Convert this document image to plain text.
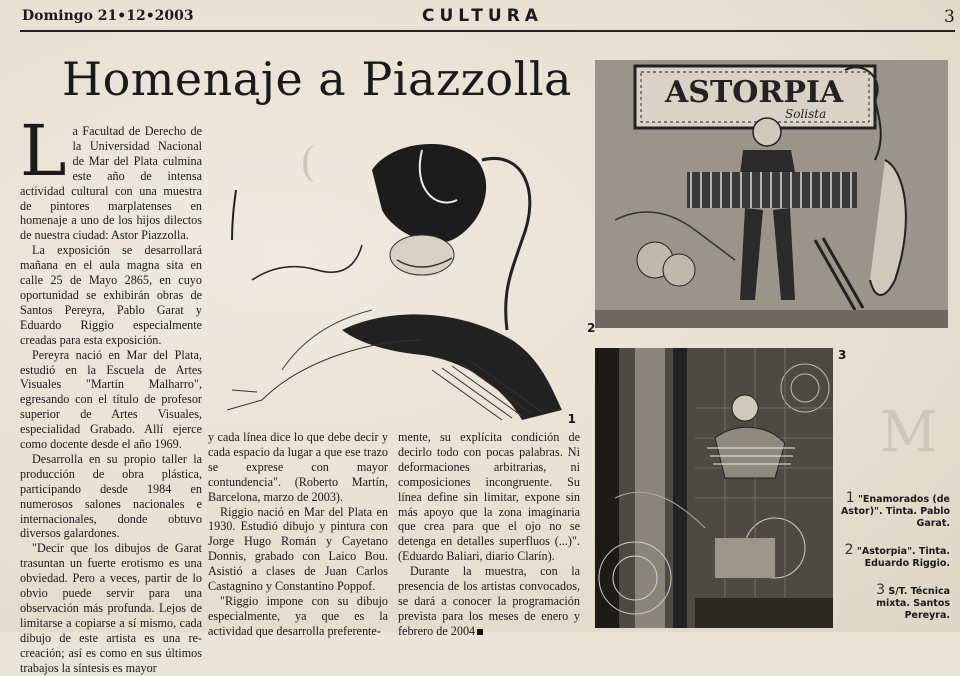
(
M
Domingo 21•12•2003	CULTURA	3
Homenaje a Piazzolla
L a Facultad de Derecho de la Universidad Nacional de Mar del Plata culmina este año de intensa actividad cultural con una muestra de pintores marplatenses en homenaje a uno de los hijos dilectos de nuestra ciudad: Astor Piazzolla.

La exposición se desarrollará mañana en el aula magna sita en calle 25 de Mayo 2865, en cuyo oportunidad se exhibirán obras de Santos Pereyra, Pablo Garat y Eduardo Riggio especialmente creadas para esta exposición.

Pereyra nació en Mar del Plata, estudió en la Escuela de Artes Visuales "Martín Malharro", egresando con el título de profesor superior de Artes Visuales, especialidad Grabado. Allí ejerce como docente desde el año 1969.

Desarrolla en su propio taller la producción de obra plástica, participando desde 1984 en numerosos salones nacionales e internacionales, donde obtuvo diversos galardones.

"Decir que los dibujos de Garat trasuntan un fuerte erotismo es una obviedad. Pero a veces, partir de lo obvio puede servir para una observación más profunda. Lejos de limitarse a copiarse a sí mismo, cada dibujo de este artista es una re-creación; así es como en sus últimos trabajos la síntesis es mayor

1

y cada línea dice lo que debe decir y cada espacio da lugar a que ese trazo se exprese con mayor contundencia". (Roberto Martín, Barcelona, marzo de 2003).

Riggio nació en Mar del Plata en 1930. Estudió dibujo y pintura con Jorge Hugo Román y Cayetano Donnis, grabado con Laico Bou. Asistió a clases de Juan Carlos Castagnino y Constantino Poppof.

"Riggio impone con su dibujo especialmente, ya que es la actividad que desarrolla preferente-

mente, su explícita condición de decirlo todo con pocas palabras. Ni deformaciones arbitrarias, ni composiciones incongruente. Su línea define sin limitar, expone sin más apoyo que la zona imaginaria que crea para que el ojo no se detenga en detalles superfluos (...)". (Eduardo Baliari, diario Clarín).

Durante la muestra, con la presencia de los artistas convocados, se dará a conocer la programación prevista para los meses de enero y febrero de 2004

ASTORPIA
Solista
2
3
1 "Enamorados (de Astor)". Tinta. Pablo Garat.
2 "Astorpia". Tinta. Eduardo Riggio.
3 S/T. Técnica mixta. Santos Pereyra.
